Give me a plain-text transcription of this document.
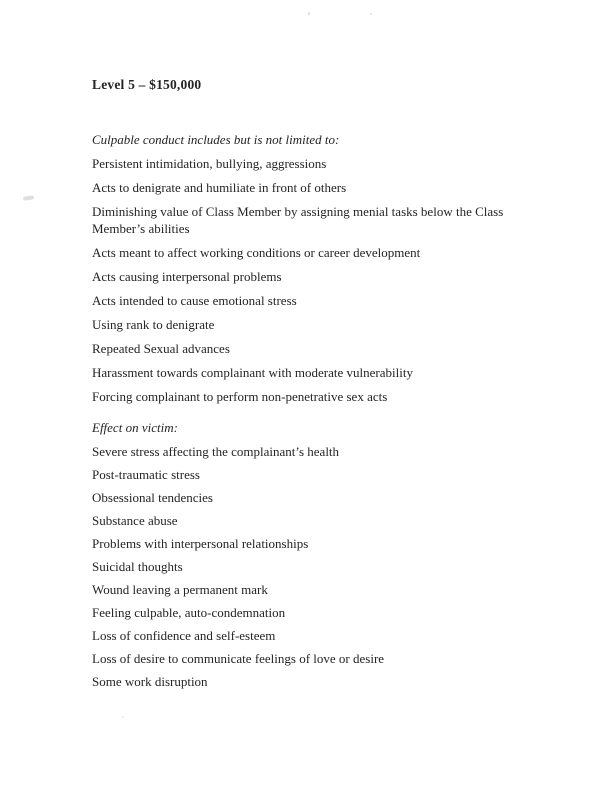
Level 5 – $150,000

Culpable conduct includes but is not limited to:

Persistent intimidation, bullying, aggressions

Acts to denigrate and humiliate in front of others

Diminishing value of Class Member by assigning menial tasks below the Class Member’s abilities

Acts meant to affect working conditions or career development

Acts causing interpersonal problems

Acts intended to cause emotional stress

Using rank to denigrate

Repeated Sexual advances

Harassment towards complainant with moderate vulnerability

Forcing complainant to perform non-penetrative sex acts

Effect on victim:

Severe stress affecting the complainant’s health

Post-traumatic stress

Obsessional tendencies

Substance abuse

Problems with interpersonal relationships

Suicidal thoughts

Wound leaving a permanent mark

Feeling culpable, auto-condemnation

Loss of confidence and self-esteem

Loss of desire to communicate feelings of love or desire

Some work disruption
